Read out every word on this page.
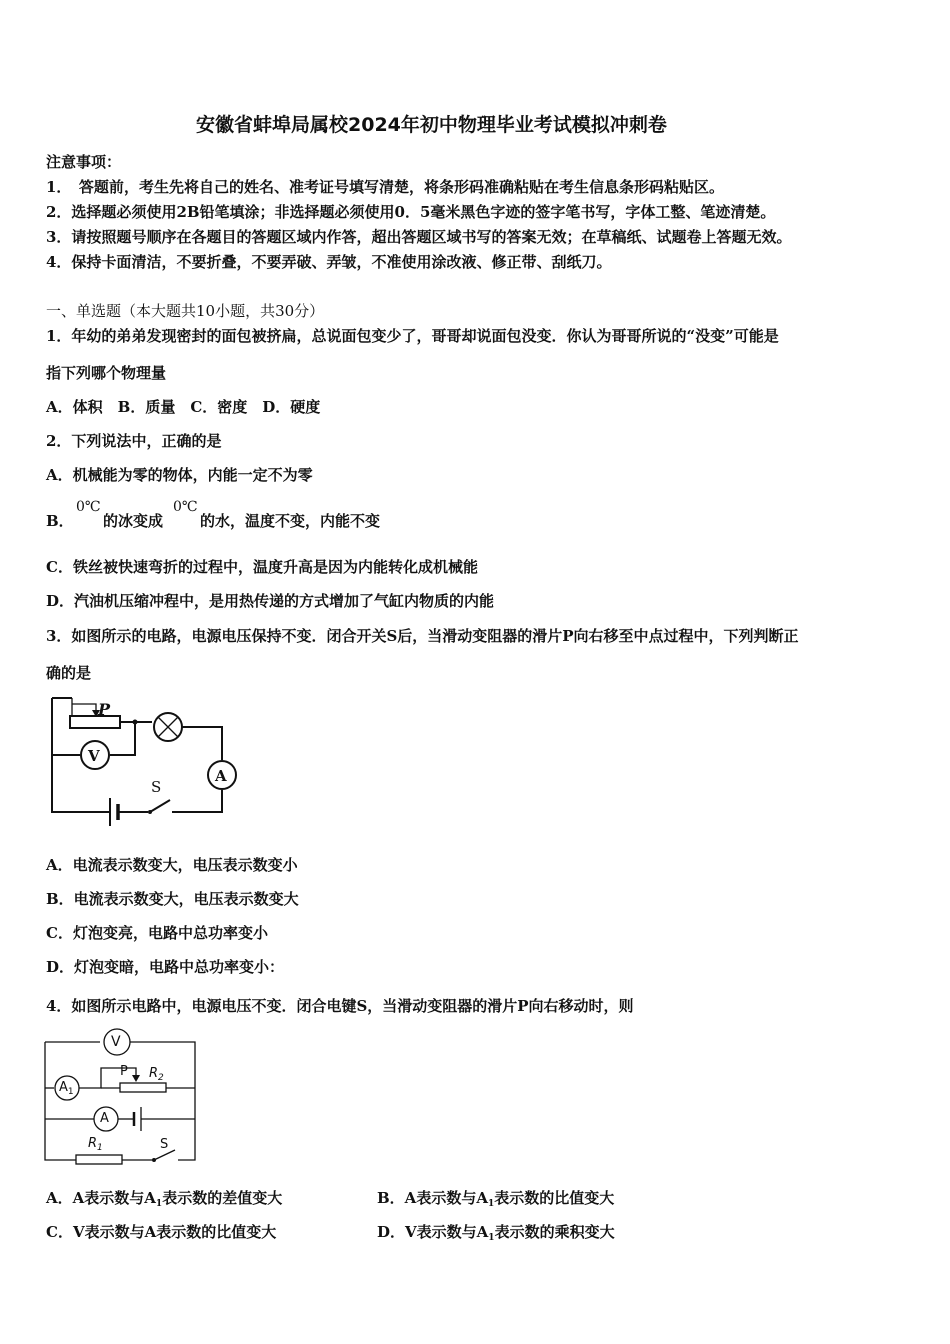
安徽省蚌埠局属校2024年初中物理毕业考试模拟冲刺卷
注意事项：
1．　答题前，考生先将自己的姓名、准考证号填写清楚，将条形码准确粘贴在考生信息条形码粘贴区。
2．选择题必须使用2B铅笔填涂；非选择题必须使用0．5毫米黑色字迹的签字笔书写，字体工整、笔迹清楚。
3．请按照题号顺序在各题目的答题区域内作答，超出答题区域书写的答案无效；在草稿纸、试题卷上答题无效。
4．保持卡面清洁，不要折叠，不要弄破、弄皱，不准使用涂改液、修正带、刮纸刀。
一、单选题（本大题共10小题，共30分）
1．年幼的弟弟发现密封的面包被挤扁，总说面包变少了，哥哥却说面包没变．你认为哥哥所说的“没变”可能是
指下列哪个物理量
A．体积　B．质量　C．密度　D．硬度
2．下列说法中，正确的是
A．机械能为零的物体，内能一定不为零
B．
0℃
的冰变成
0℃
的水，温度不变，内能不变
C．铁丝被快速弯折的过程中，温度升高是因为内能转化成机械能
D．汽油机压缩冲程中，是用热传递的方式增加了气缸内物质的内能
3．如图所示的电路，电源电压保持不变．闭合开关S后，当滑动变阻器的滑片P向右移至中点过程中，下列判断正
确的是
P
V
A
S
A．电流表示数变大，电压表示数变小
B．电流表示数变大，电压表示数变大
C．灯泡变亮，电路中总功率变小
D．灯泡变暗，电路中总功率变小：
4．如图所示电路中，电源电压不变．闭合电键S，当滑动变阻器的滑片P向右移动时，则
V
$A_1$
P $R_2$
A
$R_1$	S
A．A表示数与$A_1$表示数的差值变大	B．A表示数与$A_1$表示数的比值变大
C．V表示数与A表示数的比值变大	D．V表示数与$A_1$表示数的乘积变大
